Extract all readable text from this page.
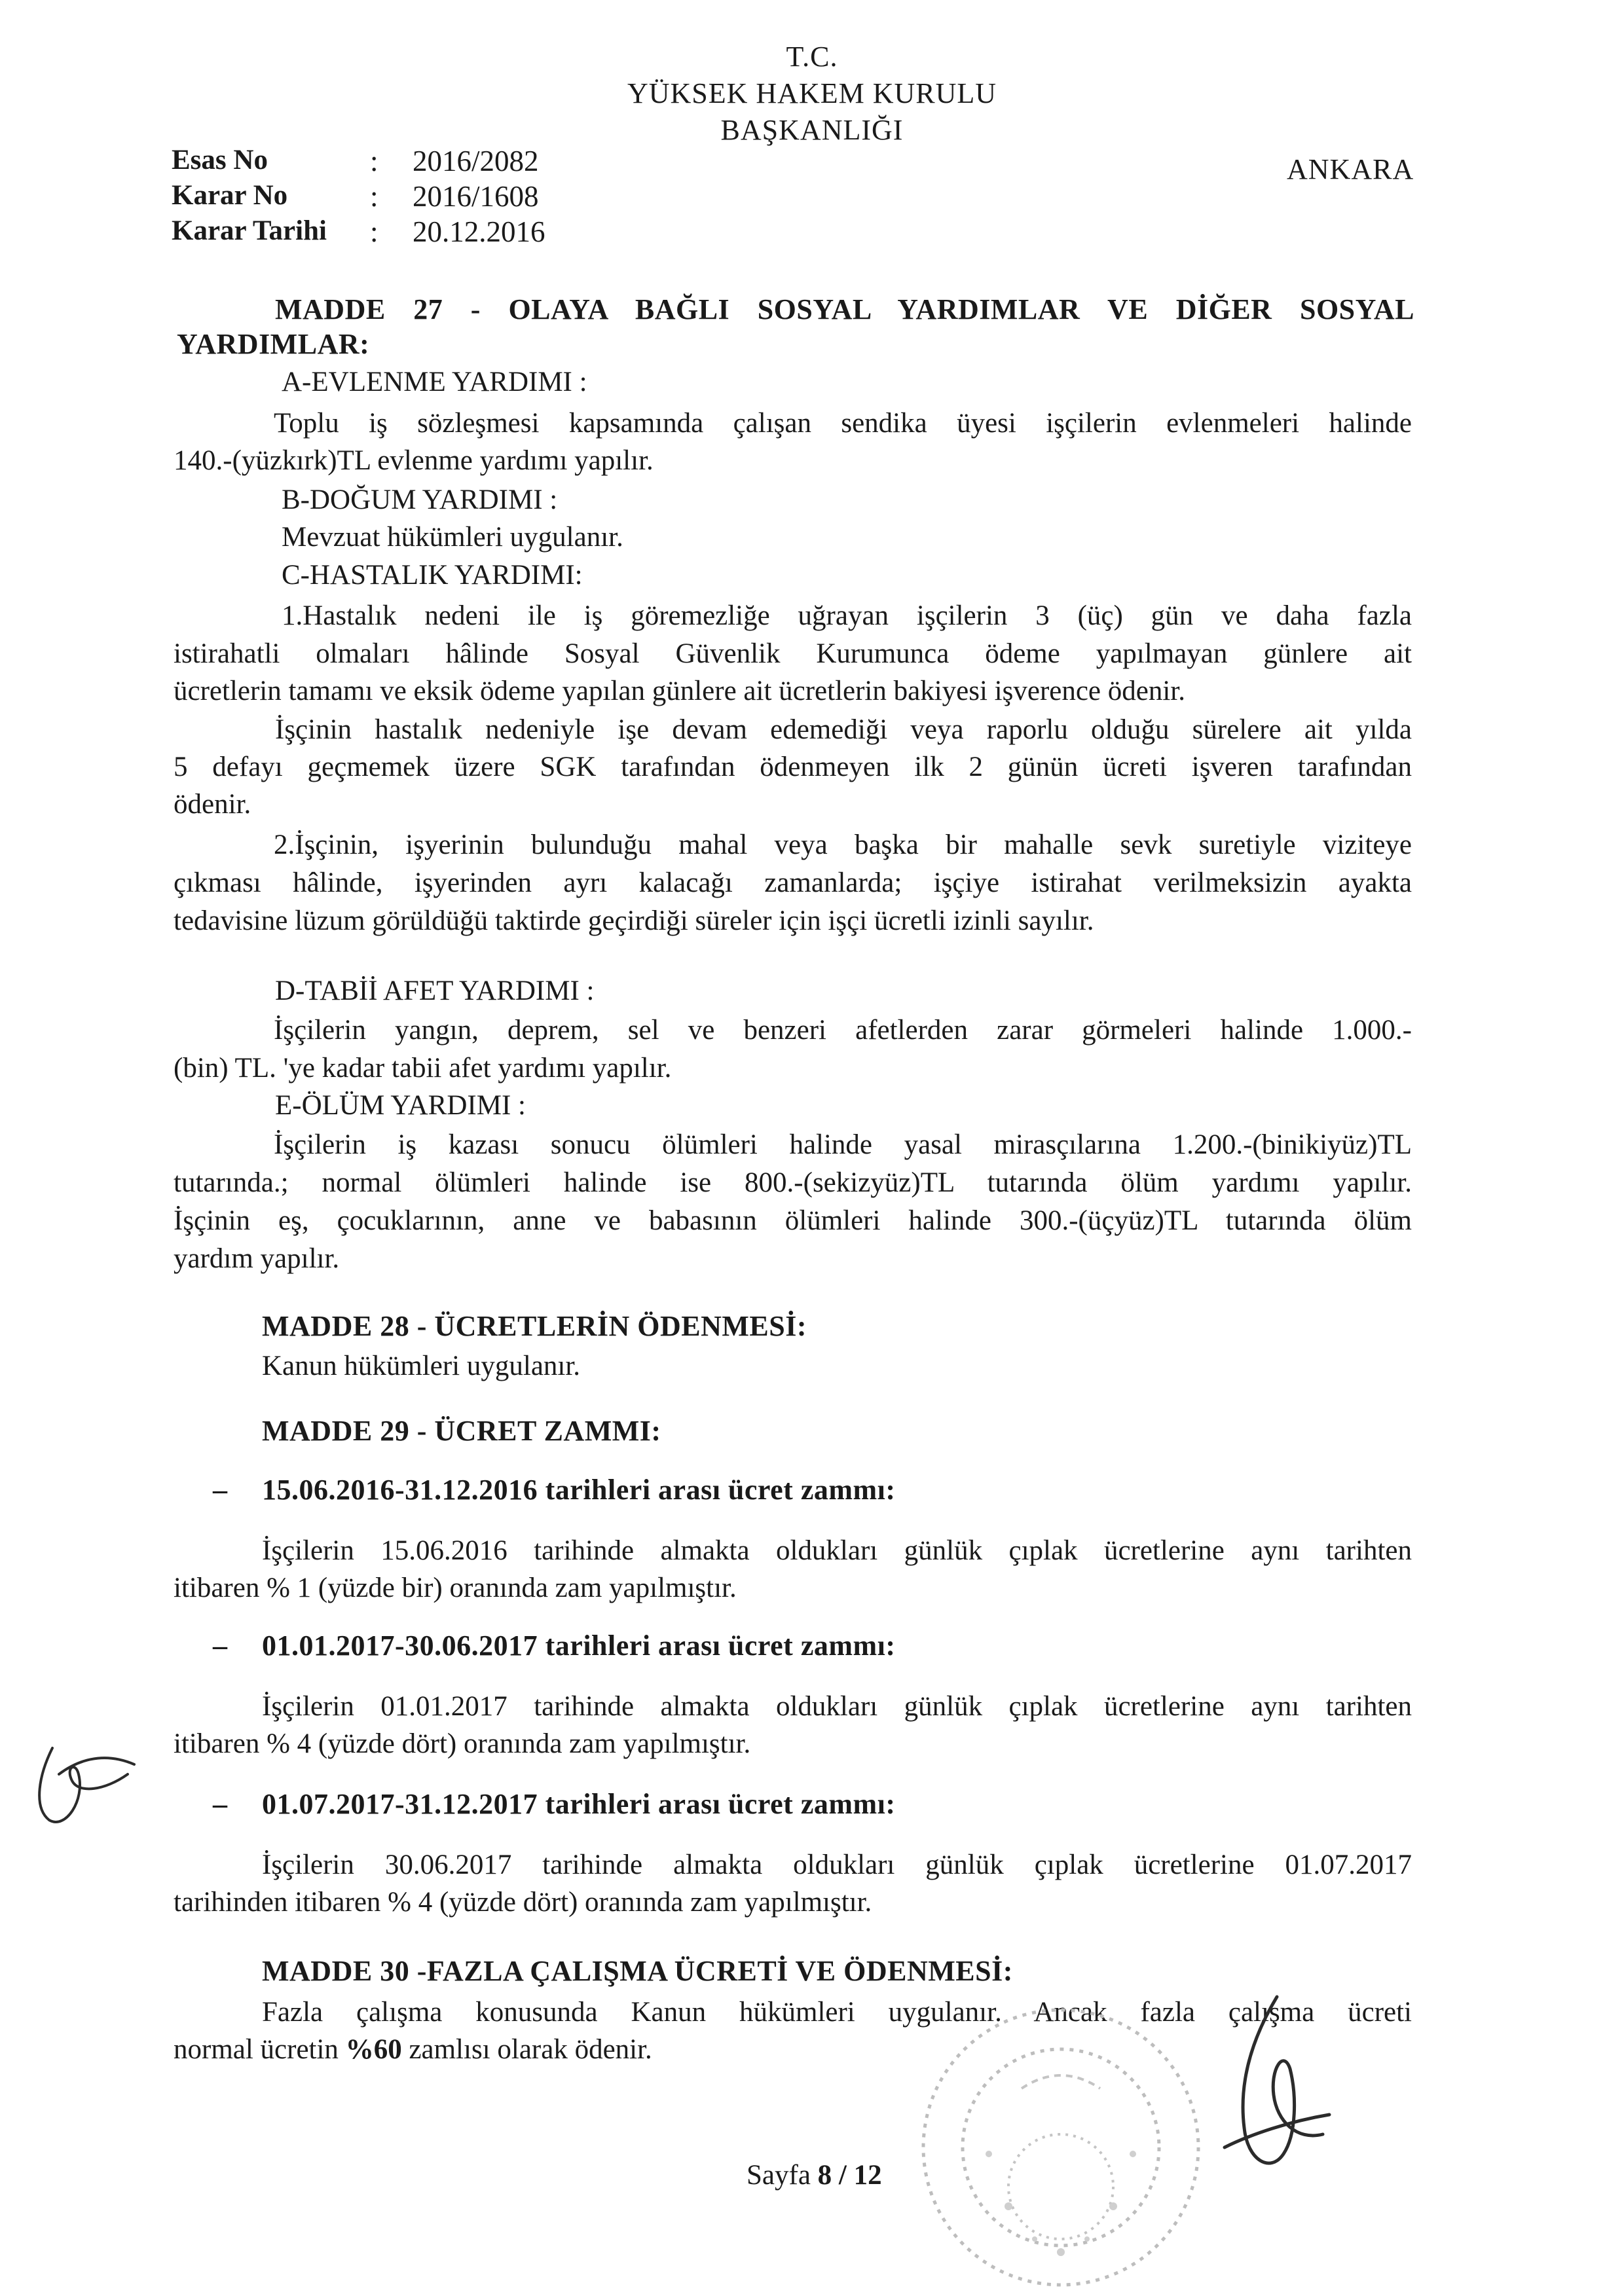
T.C.
YÜKSEK HAKEM KURULU
BAŞKANLIĞI
ANKARA
Esas No	: 2016/2082
Karar No	: 2016/1608
Karar Tarihi : 20.12.2016
MADDE 27 - OLAYA BAĞLI SOSYAL YARDIMLAR VE DİĞER SOSYAL
YARDIMLAR:
A-EVLENME YARDIMI :
Toplu iş sözleşmesi kapsamında çalışan sendika üyesi işçilerin evlenmeleri halinde
140.-(yüzkırk)TL evlenme yardımı yapılır.
B-DOĞUM YARDIMI :
Mevzuat hükümleri uygulanır.
C-HASTALIK YARDIMI:
1.Hastalık nedeni ile iş göremezliğe uğrayan işçilerin 3 (üç) gün ve daha fazla
istirahatli olmaları hâlinde Sosyal Güvenlik Kurumunca ödeme yapılmayan günlere ait
ücretlerin tamamı ve eksik ödeme yapılan günlere ait ücretlerin bakiyesi işverence ödenir.
İşçinin hastalık nedeniyle işe devam edemediği veya raporlu olduğu sürelere ait yılda
5 defayı geçmemek üzere SGK tarafından ödenmeyen ilk 2 günün ücreti işveren tarafından
ödenir.
2.İşçinin, işyerinin bulunduğu mahal veya başka bir mahalle sevk suretiyle viziteye
çıkması hâlinde, işyerinden ayrı kalacağı zamanlarda; işçiye istirahat verilmeksizin ayakta
tedavisine lüzum görüldüğü taktirde geçirdiği süreler için işçi ücretli izinli sayılır.
D-TABİİ AFET YARDIMI :
İşçilerin yangın, deprem, sel ve benzeri afetlerden zarar görmeleri halinde 1.000.-
(bin) TL. 'ye kadar tabii afet yardımı yapılır.
E-ÖLÜM YARDIMI :
İşçilerin iş kazası sonucu ölümleri halinde yasal mirasçılarına 1.200.-(binikiyüz)TL
tutarında.; normal ölümleri halinde ise 800.-(sekizyüz)TL tutarında ölüm yardımı yapılır.
İşçinin eş, çocuklarının, anne ve babasının ölümleri halinde 300.-(üçyüz)TL tutarında ölüm
yardım yapılır.
MADDE 28 - ÜCRETLERİN ÖDENMESİ:
Kanun hükümleri uygulanır.
MADDE 29 - ÜCRET ZAMMI:
– 15.06.2016-31.12.2016 tarihleri arası ücret zammı:
İşçilerin 15.06.2016 tarihinde almakta oldukları günlük çıplak ücretlerine aynı tarihten
itibaren % 1 (yüzde bir) oranında zam yapılmıştır.
– 01.01.2017-30.06.2017 tarihleri arası ücret zammı:
İşçilerin 01.01.2017 tarihinde almakta oldukları günlük çıplak ücretlerine aynı tarihten
itibaren % 4 (yüzde dört) oranında zam yapılmıştır.
– 01.07.2017-31.12.2017 tarihleri arası ücret zammı:
İşçilerin 30.06.2017 tarihinde almakta oldukları günlük çıplak ücretlerine 01.07.2017
tarihinden itibaren % 4 (yüzde dört) oranında zam yapılmıştır.
MADDE 30 -FAZLA ÇALIŞMA ÜCRETİ VE ÖDENMESİ:
Fazla çalışma konusunda Kanun hükümleri uygulanır. Ancak fazla çalışma ücreti
normal ücretin %60 zamlısı olarak ödenir.
Sayfa 8 / 12
